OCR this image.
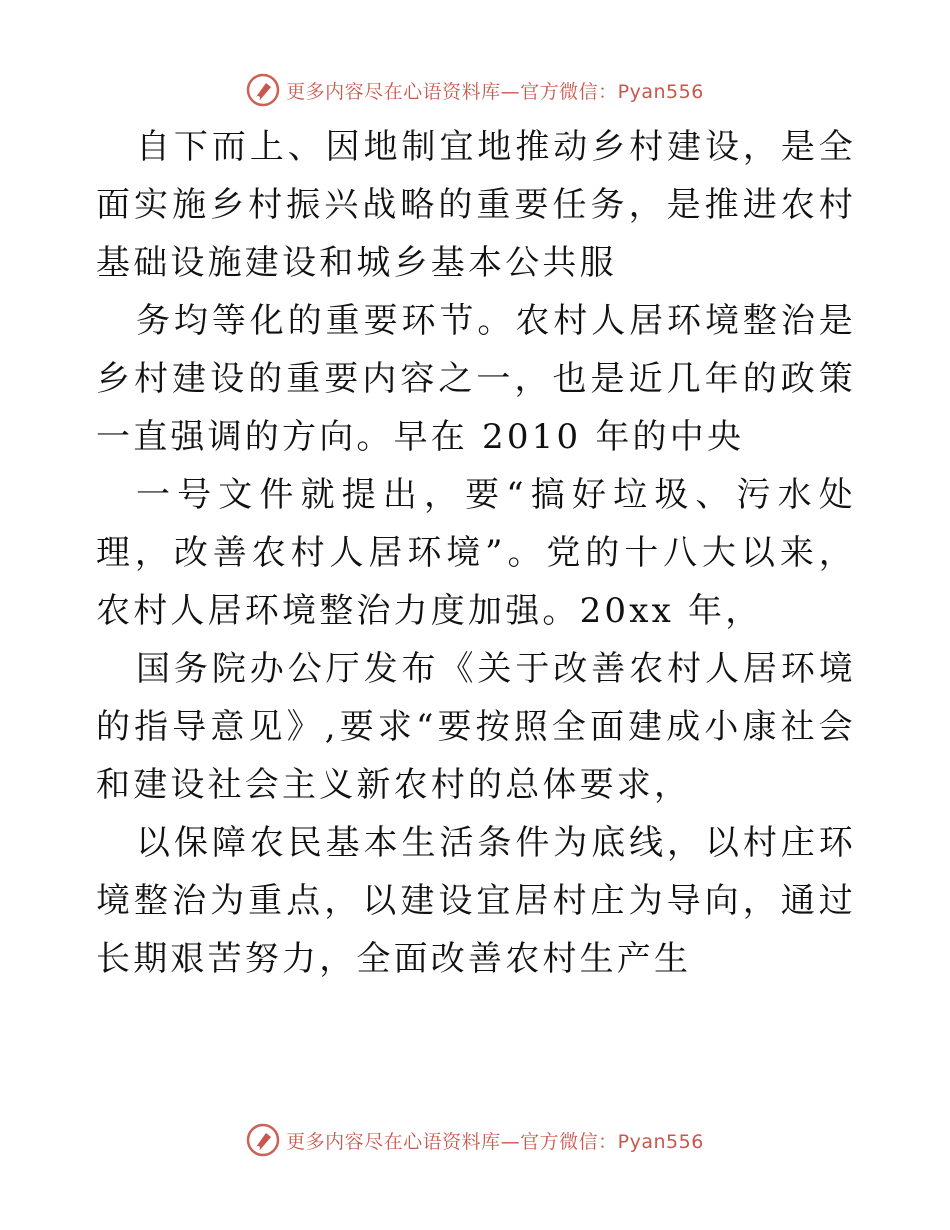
更多内容尽在心语资料库—官方微信：Pyan556

自下而上、因地制宜地推动乡村建设，是全面实施乡村振兴战略的重要任务，是推进农村基础设施建设和城乡基本公共服

务均等化的重要环节。农村人居环境整治是乡村建设的重要内容之一，也是近几年的政策一直强调的方向。早在 2010 年的中央

一号文件就提出，要“搞好垃圾、污水处理，改善农村人居环境”。党的十八大以来，农村人居环境整治力度加强。20xx 年，

国务院办公厅发布《关于改善农村人居环境的指导意见》,要求“要按照全面建成小康社会和建设社会主义新农村的总体要求，

以保障农民基本生活条件为底线，以村庄环境整治为重点，以建设宜居村庄为导向，通过长期艰苦努力，全面改善农村生产生

更多内容尽在心语资料库—官方微信：Pyan556
